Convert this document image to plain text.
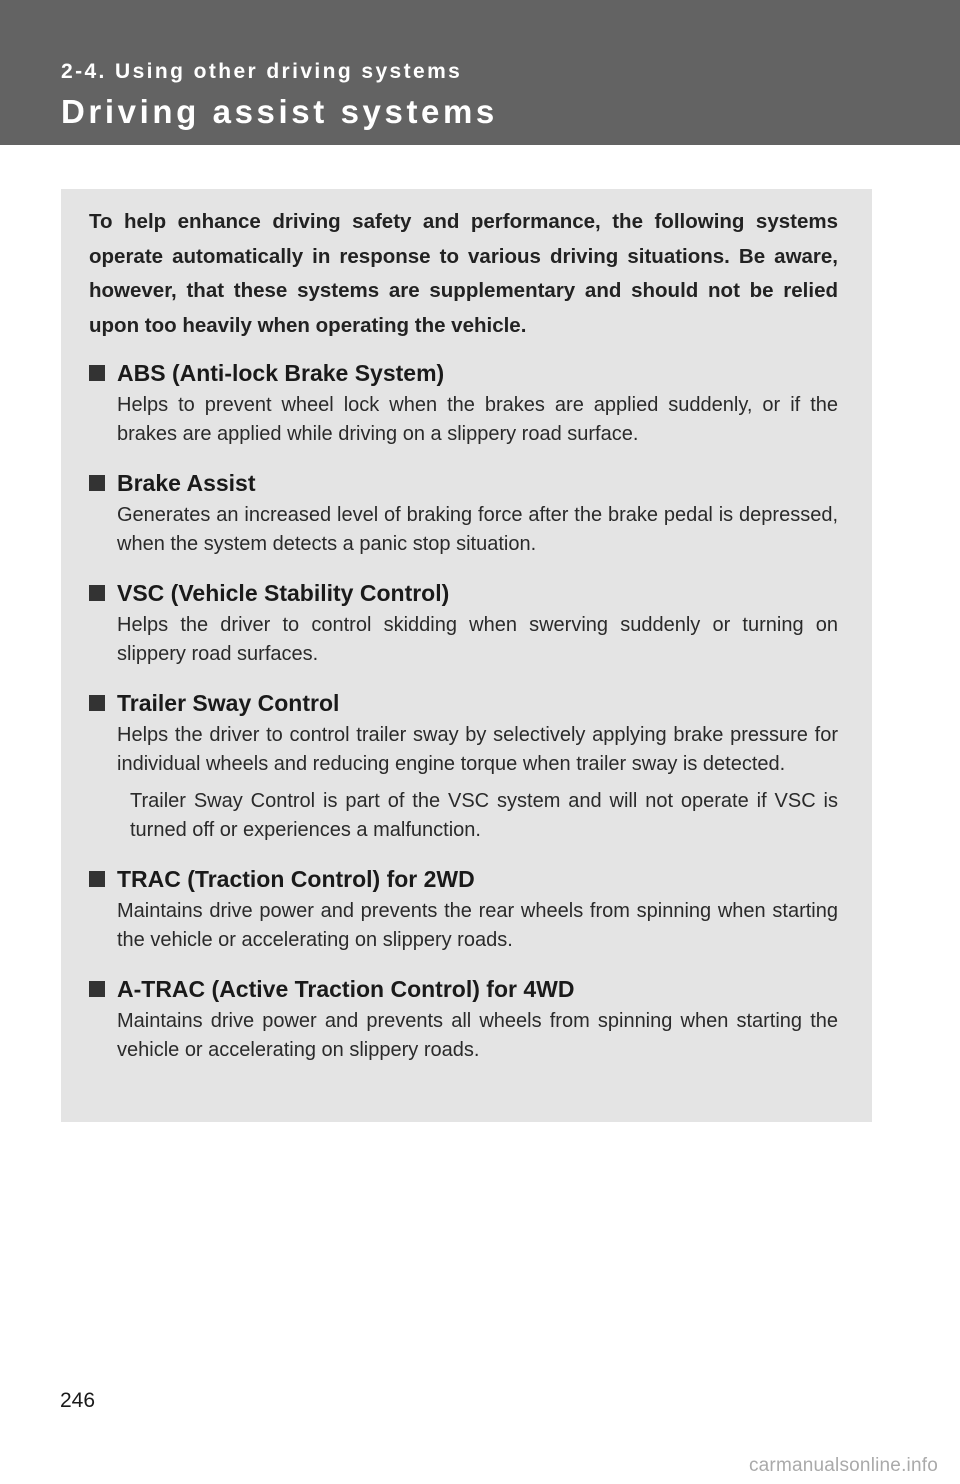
2-4. Using other driving systems
Driving assist systems

To help enhance driving safety and performance, the following systems operate automatically in response to various driving situations. Be aware, however, that these systems are supplementary and should not be relied upon too heavily when operating the vehicle.

ABS (Anti-lock Brake System)

Helps to prevent wheel lock when the brakes are applied suddenly, or if the brakes are applied while driving on a slippery road surface.

Brake Assist

Generates an increased level of braking force after the brake pedal is depressed, when the system detects a panic stop situation.

VSC (Vehicle Stability Control)

Helps the driver to control skidding when swerving suddenly or turning on slippery road surfaces.

Trailer Sway Control

Helps the driver to control trailer sway by selectively applying brake pressure for individual wheels and reducing engine torque when trailer sway is detected.

Trailer Sway Control is part of the VSC system and will not operate if VSC is turned off or experiences a malfunction.

TRAC (Traction Control) for 2WD

Maintains drive power and prevents the rear wheels from spinning when starting the vehicle or accelerating on slippery roads.

A-TRAC (Active Traction Control) for 4WD

Maintains drive power and prevents all wheels from spinning when starting the vehicle or accelerating on slippery roads.

246
carmanualsonline.info
